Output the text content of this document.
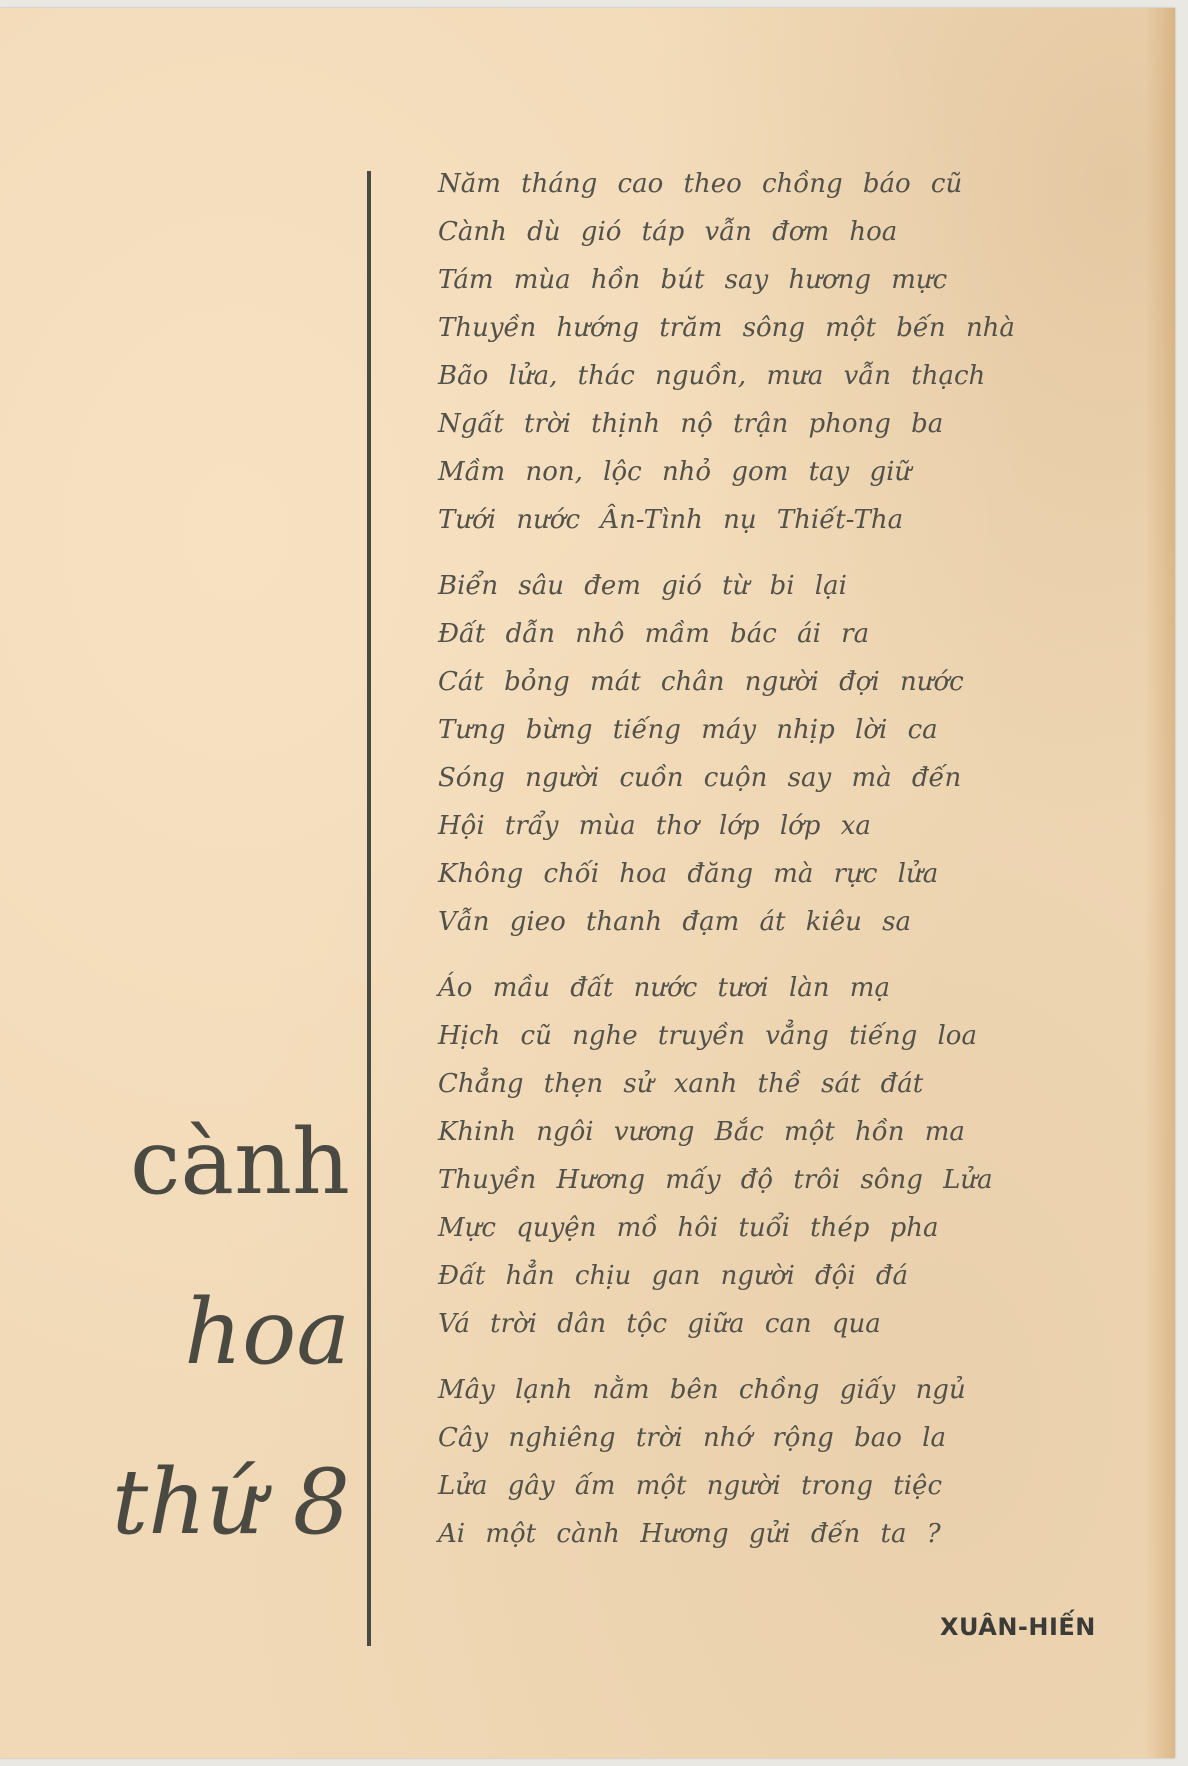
cành
hoa
thứ 8
Năm tháng cao theo chồng báo cũ
Cành dù gió táp vẫn đơm hoa
Tám mùa hồn bút say hương mực
Thuyền hướng trăm sông một bến nhà
Bão lửa, thác nguồn, mưa vẫn thạch
Ngất trời thịnh nộ trận phong ba
Mầm non, lộc nhỏ gom tay giữ
Tưới nước Ân-Tình nụ Thiết-Tha
Biển sâu đem gió từ bi lại
Đất dẫn nhô mầm bác ái ra
Cát bỏng mát chân người đợi nước
Tưng bừng tiếng máy nhịp lời ca
Sóng người cuồn cuộn say mà đến
Hội trẩy mùa thơ lớp lớp xa
Không chối hoa đăng mà rực lửa
Vẫn gieo thanh đạm át kiêu sa
Áo mầu đất nước tươi làn mạ
Hịch cũ nghe truyền vẳng tiếng loa
Chẳng thẹn sử xanh thề sát đát
Khinh ngôi vương Bắc một hồn ma
Thuyền Hương mấy độ trôi sông Lửa
Mực quyện mồ hôi tuổi thép pha
Đất hẳn chịu gan người đội đá
Vá trời dân tộc giữa can qua
Mây lạnh nằm bên chồng giấy ngủ
Cây nghiêng trời nhớ rộng bao la
Lửa gây ấm một người trong tiệc
Ai một cành Hương gửi đến ta ?
XUÂN-HIẾN
